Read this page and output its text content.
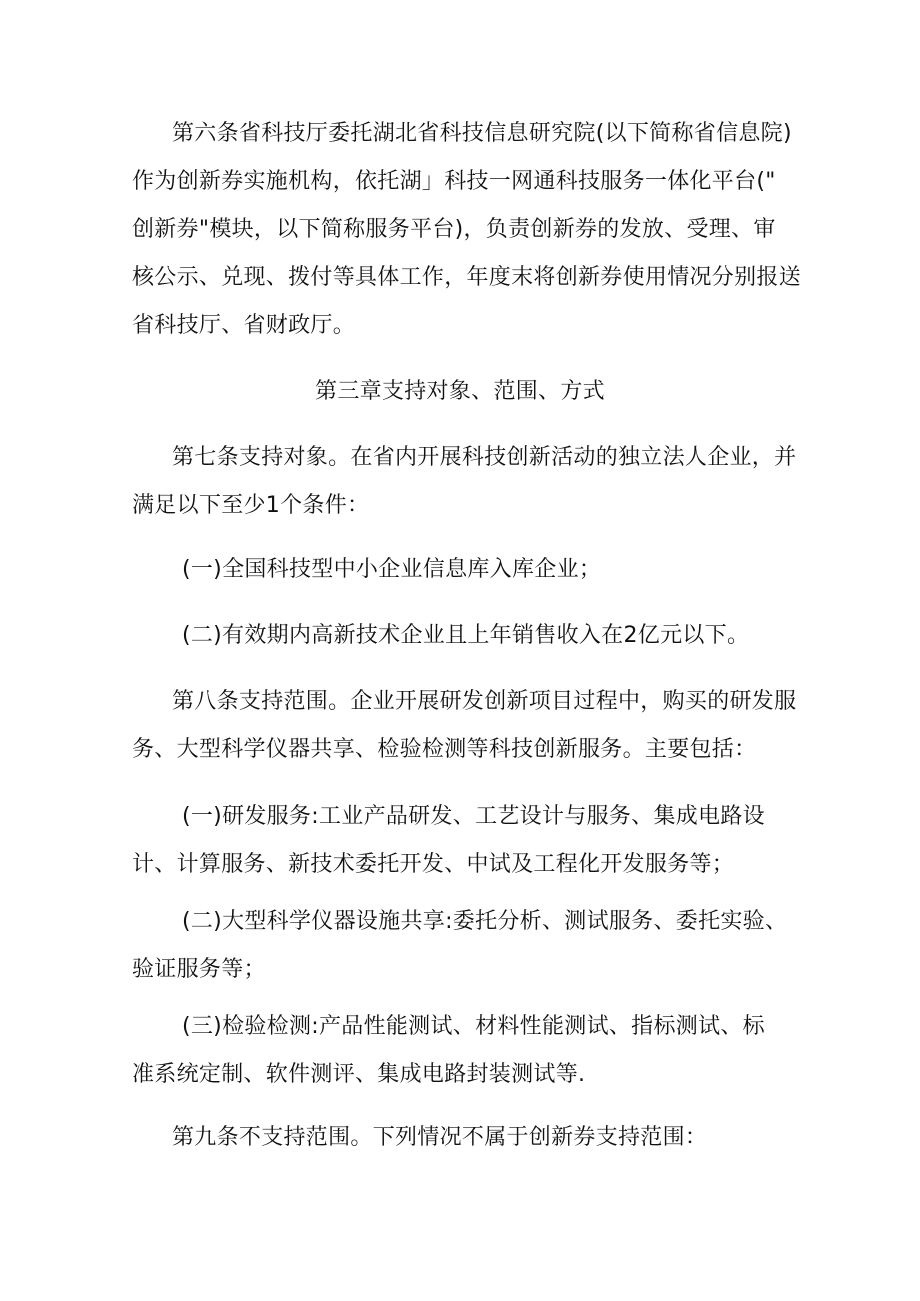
第六条省科技厅委托湖北省科技信息研究院(以下简称省信息院)
作为创新券实施机构，依托湖」科技一网通科技服务一体化平台("
创新券"模块，以下简称服务平台)，负责创新券的发放、受理、审
核公示、兑现、拨付等具体工作，年度末将创新券使用情况分别报送
省科技厅、省财政厅。
第三章支持对象、范围、方式
第七条支持对象。在省内开展科技创新活动的独立法人企业，并
满足以下至少1个条件：
(一)全国科技型中小企业信息库入库企业；
(二)有效期内高新技术企业且上年销售收入在2亿元以下。
第八条支持范围。企业开展研发创新项目过程中，购买的研发服
务、大型科学仪器共享、检验检测等科技创新服务。主要包括：
(一)研发服务:工业产品研发、工艺设计与服务、集成电路设
计、计算服务、新技术委托开发、中试及工程化开发服务等；
(二)大型科学仪器设施共享:委托分析、测试服务、委托实验、
验证服务等；
(三)检验检测:产品性能测试、材料性能测试、指标测试、标
准系统定制、软件测评、集成电路封装测试等.
第九条不支持范围。下列情况不属于创新券支持范围：
